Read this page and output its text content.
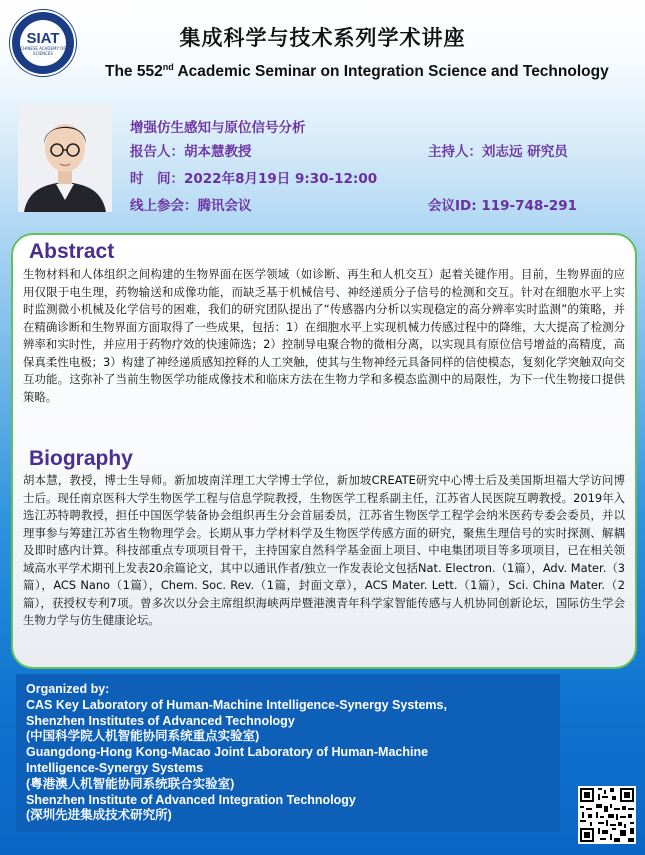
SIAT
CHINESE ACADEMY OF SCIENCES
集成科学与技术系列学术讲座
The 552nd Academic Seminar on Integration Science and Technology
增强仿生感知与原位信号分析
报告人：胡本慧教授	主持人：刘志远 研究员
时　间：2022年8月19日 9:30-12:00
线上参会：腾讯会议	会议ID: 119-748-291
Abstract

生物材料和人体组织之间构建的生物界面在医学领域（如诊断、再生和人机交互）起着关键作用。目前，生物界面的应用仅限于电生理，药物输送和成像功能，而缺乏基于机械信号、神经递质分子信号的检测和交互。针对在细胞水平上实时监测微小机械及化学信号的困难，我们的研究团队提出了“传感器内分析以实现稳定的高分辨率实时监测”的策略，并在精确诊断和生物界面方面取得了一些成果，包括：1）在细胞水平上实现机械力传感过程中的降维，大大提高了检测分辨率和实时性，并应用于药物疗效的快速筛选；2）控制导电聚合物的微相分离，以实现具有原位信号增益的高精度，高保真柔性电极；3）构建了神经递质感知控释的人工突触，使其与生物神经元具备同样的信使模态，复刻化学突触双向交互功能。这弥补了当前生物医学功能成像技术和临床方法在生物力学和多模态监测中的局限性，为下一代生物接口提供策略。

Biography

胡本慧，教授，博士生导师。新加坡南洋理工大学博士学位，新加坡CREATE研究中心博士后及美国斯坦福大学访问博士后。现任南京医科大学生物医学工程与信息学院教授，生物医学工程系副主任，江苏省人民医院互聘教授。2019年入选江苏特聘教授，担任中国医学装备协会组织再生分会首届委员，江苏省生物医学工程学会纳米医药专委会委员，并以理事参与筹建江苏省生物物理学会。长期从事力学材料学及生物医学传感方面的研究，聚焦生理信号的实时探测、解耦及即时感内计算。科技部重点专项项目骨干，主持国家自然科学基金面上项目、中电集团项目等多项项目，已在相关领域高水平学术期刊上发表20余篇论文，其中以通讯作者/独立一作发表论文包括Nat. Electron.（1篇），Adv. Mater.（3篇），ACS Nano（1篇），Chem. Soc. Rev.（1篇，封面文章），ACS Mater. Lett.（1篇），Sci. China Mater.（2篇），获授权专利7项。曾多次以分会主席组织海峡两岸暨港澳青年科学家智能传感与人机协同创新论坛，国际仿生学会生物力学与仿生健康论坛。

Organized by:
CAS Key Laboratory of Human-Machine Intelligence-Synergy Systems,
Shenzhen Institutes of Advanced Technology
(中国科学院人机智能协同系统重点实验室)
Guangdong-Hong Kong-Macao Joint Laboratory of Human-Machine
Intelligence-Synergy Systems
(粤港澳人机智能协同系统联合实验室)
Shenzhen Institute of Advanced Integration Technology
(深圳先进集成技术研究所)
